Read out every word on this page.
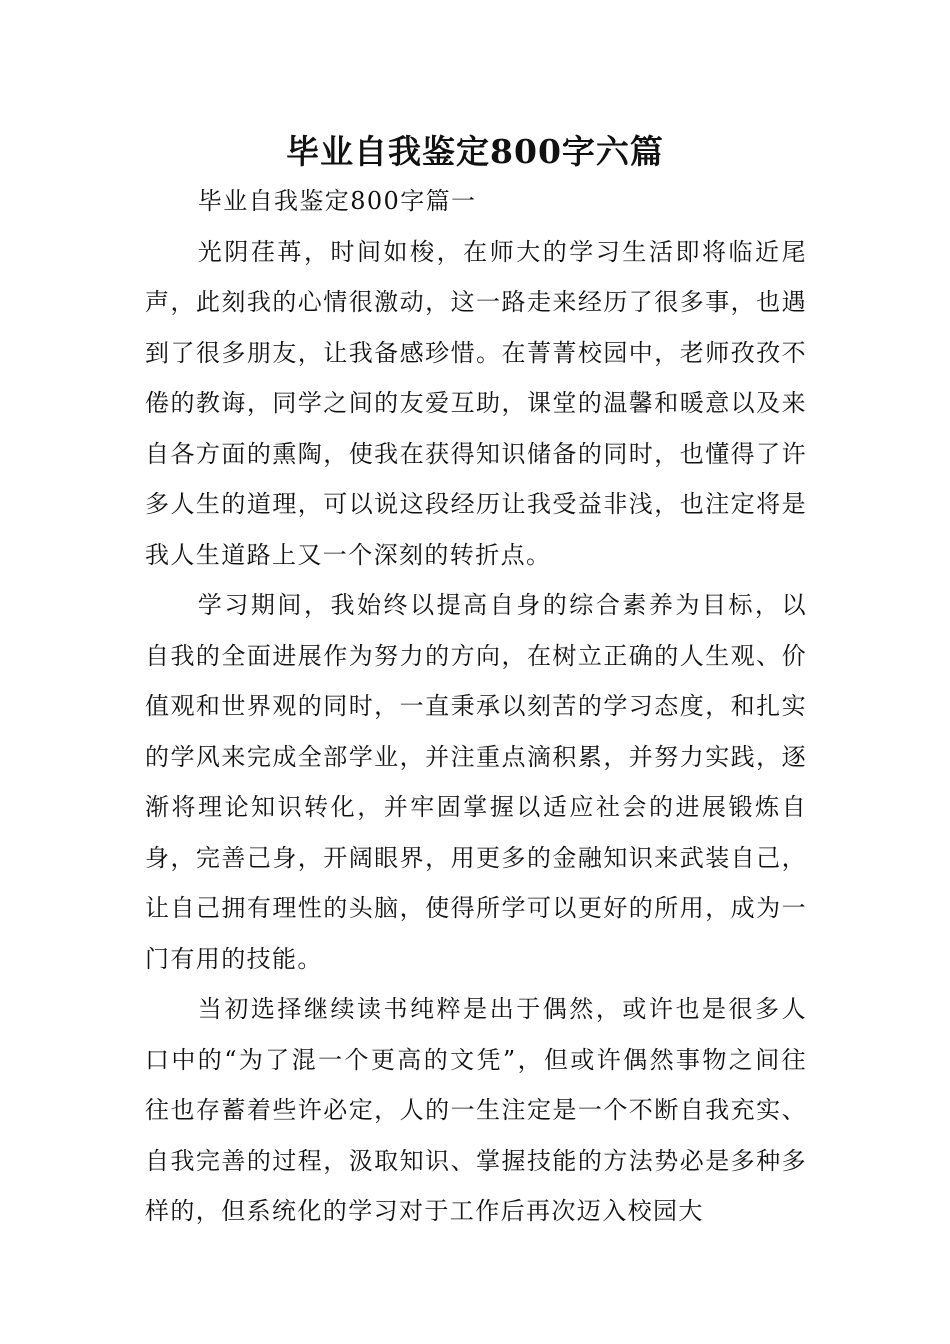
毕业自我鉴定800字六篇

毕业自我鉴定800字篇一

光阴荏苒，时间如梭，在师大的学习生活即将临近尾声，此刻我的心情很激动，这一路走来经历了很多事，也遇到了很多朋友，让我备感珍惜。在菁菁校园中，老师孜孜不倦的教诲，同学之间的友爱互助，课堂的温馨和暖意以及来自各方面的熏陶，使我在获得知识储备的同时，也懂得了许多人生的道理，可以说这段经历让我受益非浅，也注定将是我人生道路上又一个深刻的转折点。

学习期间，我始终以提高自身的综合素养为目标，以自我的全面进展作为努力的方向，在树立正确的人生观、价值观和世界观的同时，一直秉承以刻苦的学习态度，和扎实的学风来完成全部学业，并注重点滴积累，并努力实践，逐渐将理论知识转化，并牢固掌握以适应社会的进展锻炼自身，完善己身，开阔眼界，用更多的金融知识来武装自己，让自己拥有理性的头脑，使得所学可以更好的所用，成为一门有用的技能。

当初选择继续读书纯粹是出于偶然，或许也是很多人口中的“为了混一个更高的文凭”，但或许偶然事物之间往往也存蓄着些许必定，人的一生注定是一个不断自我充实、自我完善的过程，汲取知识、掌握技能的方法势必是多种多样的，但系统化的学习对于工作后再次迈入校园大
